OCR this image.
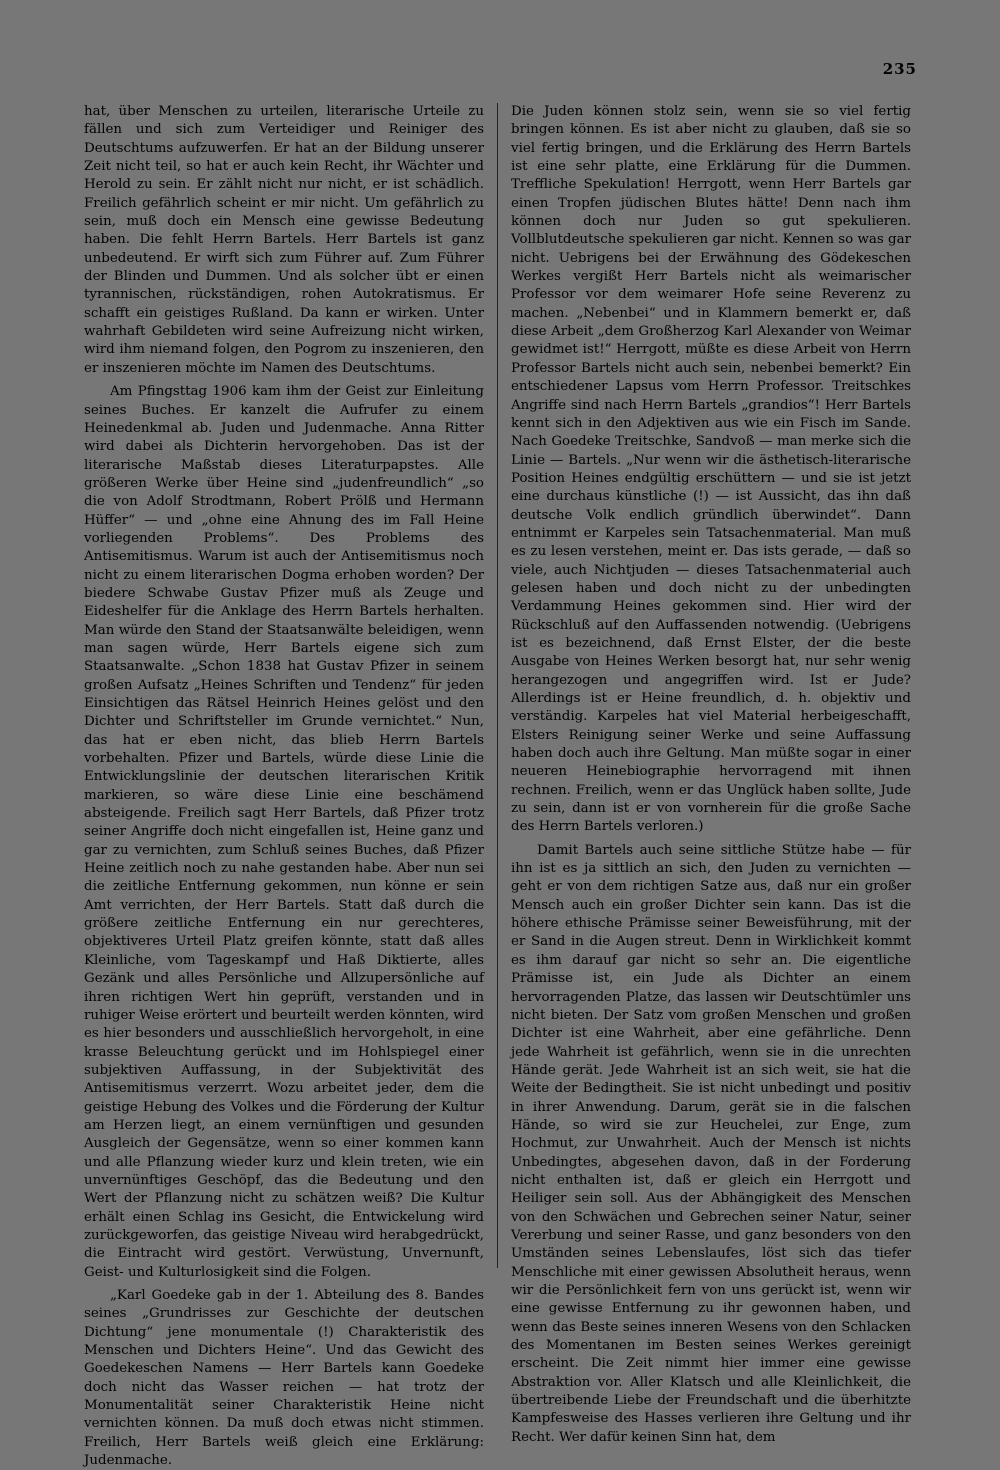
235

hat, über Menschen zu urteilen, literarische Urteile zu fällen und sich zum Verteidiger und Reiniger des Deutschtums aufzuwerfen. Er hat an der Bildung unserer Zeit nicht teil, so hat er auch kein Recht, ihr Wächter und Herold zu sein. Er zählt nicht nur nicht, er ist schädlich. Freilich gefährlich scheint er mir nicht. Um gefährlich zu sein, muß doch ein Mensch eine gewisse Bedeutung haben. Die fehlt Herrn Bartels. Herr Bartels ist ganz unbedeutend. Er wirft sich zum Führer auf. Zum Führer der Blinden und Dummen. Und als solcher übt er einen tyrannischen, rückständigen, rohen Autokratismus. Er schafft ein geistiges Rußland. Da kann er wirken. Unter wahrhaft Gebildeten wird seine Aufreizung nicht wirken, wird ihm niemand folgen, den Pogrom zu inszenieren, den er inszenieren möchte im Namen des Deutschtums.

Am Pfingsttag 1906 kam ihm der Geist zur Einleitung seines Buches. Er kanzelt die Aufrufer zu einem Heinedenkmal ab. Juden und Judenmache. Anna Ritter wird dabei als Dichterin hervorgehoben. Das ist der literarische Maßstab dieses Literaturpapstes. Alle größeren Werke über Heine sind „judenfreundlich“ „so die von Adolf Strodtmann, Robert Prölß und Hermann Hüffer“ — und „ohne eine Ahnung des im Fall Heine vorliegenden Problems“. Des Problems des Antisemitismus. Warum ist auch der Antisemitismus noch nicht zu einem literarischen Dogma erhoben worden? Der biedere Schwabe Gustav Pfizer muß als Zeuge und Eideshelfer für die Anklage des Herrn Bartels herhalten. Man würde den Stand der Staatsanwälte beleidigen, wenn man sagen würde, Herr Bartels eigene sich zum Staatsanwalte. „Schon 1838 hat Gustav Pfizer in seinem großen Aufsatz „Heines Schriften und Tendenz“ für jeden Einsichtigen das Rätsel Heinrich Heines gelöst und den Dichter und Schriftsteller im Grunde vernichtet.“ Nun, das hat er eben nicht, das blieb Herrn Bartels vorbehalten. Pfizer und Bartels, würde diese Linie die Entwicklungslinie der deutschen literarischen Kritik markieren, so wäre diese Linie eine beschämend absteigende. Freilich sagt Herr Bartels, daß Pfizer trotz seiner Angriffe doch nicht eingefallen ist, Heine ganz und gar zu vernichten, zum Schluß seines Buches, daß Pfizer Heine zeitlich noch zu nahe gestanden habe. Aber nun sei die zeitliche Entfernung gekommen, nun könne er sein Amt verrichten, der Herr Bartels. Statt daß durch die größere zeitliche Entfernung ein nur gerechteres, objektiveres Urteil Platz greifen könnte, statt daß alles Kleinliche, vom Tageskampf und Haß Diktierte, alles Gezänk und alles Persönliche und Allzupersönliche auf ihren richtigen Wert hin geprüft, verstanden und in ruhiger Weise erörtert und beurteilt werden könnten, wird es hier besonders und ausschließlich hervorgeholt, in eine krasse Beleuchtung gerückt und im Hohlspiegel einer subjektiven Auffassung, in der Subjektivität des Antisemitismus verzerrt. Wozu arbeitet jeder, dem die geistige Hebung des Volkes und die Förderung der Kultur am Herzen liegt, an einem vernünftigen und gesunden Ausgleich der Gegensätze, wenn so einer kommen kann und alle Pflanzung wieder kurz und klein treten, wie ein unvernünftiges Geschöpf, das die Bedeutung und den Wert der Pflanzung nicht zu schätzen weiß? Die Kultur erhält einen Schlag ins Gesicht, die Entwickelung wird zurückgeworfen, das geistige Niveau wird herabgedrückt, die Eintracht wird gestört. Verwüstung, Unvernunft, Geist- und Kulturlosigkeit sind die Folgen.

„Karl Goedeke gab in der 1. Abteilung des 8. Bandes seines „Grundrisses zur Geschichte der deutschen Dichtung“ jene monumentale (!) Charakteristik des Menschen und Dichters Heine“. Und das Gewicht des Goedekeschen Namens — Herr Bartels kann Goedeke doch nicht das Wasser reichen — hat trotz der Monumentalität seiner Charakteristik Heine nicht vernichten können. Da muß doch etwas nicht stimmen. Freilich, Herr Bartels weiß gleich eine Erklärung: Judenmache.

Die Juden können stolz sein, wenn sie so viel fertig bringen können. Es ist aber nicht zu glauben, daß sie so viel fertig bringen, und die Erklärung des Herrn Bartels ist eine sehr platte, eine Erklärung für die Dummen. Treffliche Spekulation! Herrgott, wenn Herr Bartels gar einen Tropfen jüdischen Blutes hätte! Denn nach ihm können doch nur Juden so gut spekulieren. Vollblutdeutsche spekulieren gar nicht. Kennen so was gar nicht. Uebrigens bei der Erwähnung des Gödekeschen Werkes vergißt Herr Bartels nicht als weimarischer Professor vor dem weimarer Hofe seine Reverenz zu machen. „Nebenbei“ und in Klammern bemerkt er, daß diese Arbeit „dem Großherzog Karl Alexander von Weimar gewidmet ist!“ Herrgott, müßte es diese Arbeit von Herrn Professor Bartels nicht auch sein, nebenbei bemerkt? Ein entschiedener Lapsus vom Herrn Professor. Treitschkes Angriffe sind nach Herrn Bartels „grandios“! Herr Bartels kennt sich in den Adjektiven aus wie ein Fisch im Sande. Nach Goedeke Treitschke, Sandvoß — man merke sich die Linie — Bartels. „Nur wenn wir die ästhetisch-literarische Position Heines endgültig erschüttern — und sie ist jetzt eine durchaus künstliche (!) — ist Aussicht, das ihn daß deutsche Volk endlich gründlich überwindet“. Dann entnimmt er Karpeles sein Tatsachenmaterial. Man muß es zu lesen verstehen, meint er. Das ists gerade, — daß so viele, auch Nichtjuden — dieses Tatsachenmaterial auch gelesen haben und doch nicht zu der unbedingten Verdammung Heines gekommen sind. Hier wird der Rückschluß auf den Auffassenden notwendig. (Uebrigens ist es bezeichnend, daß Ernst Elster, der die beste Ausgabe von Heines Werken besorgt hat, nur sehr wenig herangezogen und angegriffen wird. Ist er Jude? Allerdings ist er Heine freundlich, d. h. objektiv und verständig. Karpeles hat viel Material herbeigeschafft, Elsters Reinigung seiner Werke und seine Auffassung haben doch auch ihre Geltung. Man müßte sogar in einer neueren Heinebiographie hervorragend mit ihnen rechnen. Freilich, wenn er das Unglück haben sollte, Jude zu sein, dann ist er von vornherein für die große Sache des Herrn Bartels verloren.)

Damit Bartels auch seine sittliche Stütze habe — für ihn ist es ja sittlich an sich, den Juden zu vernichten — geht er von dem richtigen Satze aus, daß nur ein großer Mensch auch ein großer Dichter sein kann. Das ist die höhere ethische Prämisse seiner Beweisführung, mit der er Sand in die Augen streut. Denn in Wirklichkeit kommt es ihm darauf gar nicht so sehr an. Die eigentliche Prämisse ist, ein Jude als Dichter an einem hervorragenden Platze, das lassen wir Deutschtümler uns nicht bieten. Der Satz vom großen Menschen und großen Dichter ist eine Wahrheit, aber eine gefährliche. Denn jede Wahrheit ist gefährlich, wenn sie in die unrechten Hände gerät. Jede Wahrheit ist an sich weit, sie hat die Weite der Bedingtheit. Sie ist nicht unbedingt und positiv in ihrer Anwendung. Darum, gerät sie in die falschen Hände, so wird sie zur Heuchelei, zur Enge, zum Hochmut, zur Unwahrheit. Auch der Mensch ist nichts Unbedingtes, abgesehen davon, daß in der Forderung nicht enthalten ist, daß er gleich ein Herrgott und Heiliger sein soll. Aus der Abhängigkeit des Menschen von den Schwächen und Gebrechen seiner Natur, seiner Vererbung und seiner Rasse, und ganz besonders von den Umständen seines Lebenslaufes, löst sich das tiefer Menschliche mit einer gewissen Absolutheit heraus, wenn wir die Persönlichkeit fern von uns gerückt ist, wenn wir eine gewisse Entfernung zu ihr gewonnen haben, und wenn das Beste seines inneren Wesens von den Schlacken des Momentanen im Besten seines Werkes gereinigt erscheint. Die Zeit nimmt hier immer eine gewisse Abstraktion vor. Aller Klatsch und alle Kleinlichkeit, die übertreibende Liebe der Freundschaft und die überhitzte Kampfesweise des Hasses verlieren ihre Geltung und ihr Recht. Wer dafür keinen Sinn hat, dem
